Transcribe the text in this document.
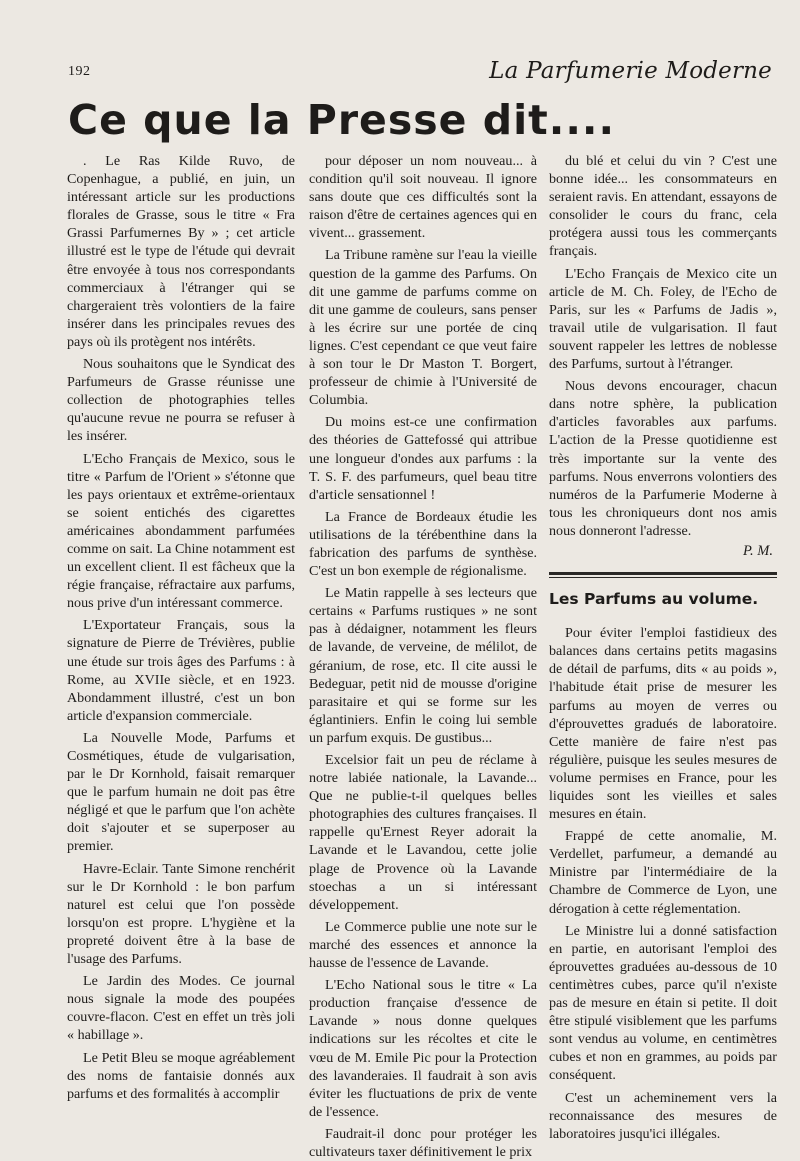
192	La Parfumerie Moderne
Ce que la Presse dit....

. Le Ras Kilde Ruvo, de Copenhague, a publié, en juin, un intéressant article sur les productions florales de Grasse, sous le titre « Fra Grassi Parfumernes By » ; cet article illustré est le type de l'étude qui devrait être envoyée à tous nos correspondants commerciaux à l'étranger qui se chargeraient très volontiers de la faire insérer dans les principales revues des pays où ils protègent nos intérêts.

Nous souhaitons que le Syndicat des Parfumeurs de Grasse réunisse une collection de photographies telles qu'aucune revue ne pourra se refuser à les insérer.

L'Echo Français de Mexico, sous le titre « Parfum de l'Orient » s'étonne que les pays orientaux et extrême-orientaux se soient entichés des cigarettes américaines abondamment parfumées comme on sait. La Chine notamment est un excellent client. Il est fâcheux que la régie française, réfractaire aux parfums, nous prive d'un intéressant commerce.

L'Exportateur Français, sous la signature de Pierre de Trévières, publie une étude sur trois âges des Parfums : à Rome, au XVIIe siècle, et en 1923. Abondamment illustré, c'est un bon article d'expansion commerciale.

La Nouvelle Mode, Parfums et Cosmétiques, étude de vulgarisation, par le Dr Kornhold, faisait remarquer que le parfum humain ne doit pas être négligé et que le parfum que l'on achète doit s'ajouter et se superposer au premier.

Havre-Eclair. Tante Simone renchérit sur le Dr Kornhold : le bon parfum naturel est celui que l'on possède lorsqu'on est propre. L'hygiène et la propreté doivent être à la base de l'usage des Parfums.

Le Jardin des Modes. Ce journal nous signale la mode des poupées couvre-flacon. C'est en effet un très joli « habillage ».

Le Petit Bleu se moque agréablement des noms de fantaisie donnés aux parfums et des formalités à accomplir

pour déposer un nom nouveau... à condition qu'il soit nouveau. Il ignore sans doute que ces difficultés sont la raison d'être de certaines agences qui en vivent... grassement.

La Tribune ramène sur l'eau la vieille question de la gamme des Parfums. On dit une gamme de parfums comme on dit une gamme de couleurs, sans penser à les écrire sur une portée de cinq lignes. C'est cependant ce que veut faire à son tour le Dr Maston T. Borgert, professeur de chimie à l'Université de Columbia.

Du moins est-ce une confirmation des théories de Gattefossé qui attribue une longueur d'ondes aux parfums : la T. S. F. des parfumeurs, quel beau titre d'article sensationnel !

La France de Bordeaux étudie les utilisations de la térébenthine dans la fabrication des parfums de synthèse. C'est un bon exemple de régionalisme.

Le Matin rappelle à ses lecteurs que certains « Parfums rustiques » ne sont pas à dédaigner, notamment les fleurs de lavande, de verveine, de mélilot, de géranium, de rose, etc. Il cite aussi le Bedeguar, petit nid de mousse d'origine parasitaire et qui se forme sur les églantiniers. Enfin le coing lui semble un parfum exquis. De gustibus...

Excelsior fait un peu de réclame à notre labiée nationale, la Lavande... Que ne publie-t-il quelques belles photographies des cultures françaises. Il rappelle qu'Ernest Reyer adorait la Lavande et le Lavandou, cette jolie plage de Provence où la Lavande stoechas a un si intéressant développement.

Le Commerce publie une note sur le marché des essences et annonce la hausse de l'essence de Lavande.

L'Echo National sous le titre « La production française d'essence de Lavande » nous donne quelques indications sur les récoltes et cite le vœu de M. Emile Pic pour la Protection des lavanderaies. Il faudrait à son avis éviter les fluctuations de prix de vente de l'essence.

Faudrait-il donc pour protéger les cultivateurs taxer définitivement le prix

du blé et celui du vin ? C'est une bonne idée... les consommateurs en seraient ravis. En attendant, essayons de consolider le cours du franc, cela protégera aussi tous les commerçants français.

L'Echo Français de Mexico cite un article de M. Ch. Foley, de l'Echo de Paris, sur les « Parfums de Jadis », travail utile de vulgarisation. Il faut souvent rappeler les lettres de noblesse des Parfums, surtout à l'étranger.

Nous devons encourager, chacun dans notre sphère, la publication d'articles favorables aux parfums. L'action de la Presse quotidienne est très importante sur la vente des parfums. Nous enverrons volontiers des numéros de la Parfumerie Moderne à tous les chroniqueurs dont nos amis nous donneront l'adresse.

P. M.
Les Parfums au volume.

Pour éviter l'emploi fastidieux des balances dans certains petits magasins de détail de parfums, dits « au poids », l'habitude était prise de mesurer les parfums au moyen de verres ou d'éprouvettes gradués de laboratoire. Cette manière de faire n'est pas régulière, puisque les seules mesures de volume permises en France, pour les liquides sont les vieilles et sales mesures en étain.

Frappé de cette anomalie, M. Verdellet, parfumeur, a demandé au Ministre par l'intermédiaire de la Chambre de Commerce de Lyon, une dérogation à cette réglementation.

Le Ministre lui a donné satisfaction en partie, en autorisant l'emploi des éprouvettes graduées au-dessous de 10 centimètres cubes, parce qu'il n'existe pas de mesure en étain si petite. Il doit être stipulé visiblement que les parfums sont vendus au volume, en centimètres cubes et non en grammes, au poids par conséquent.

C'est un acheminement vers la reconnaissance des mesures de laboratoires jusqu'ici illégales.
